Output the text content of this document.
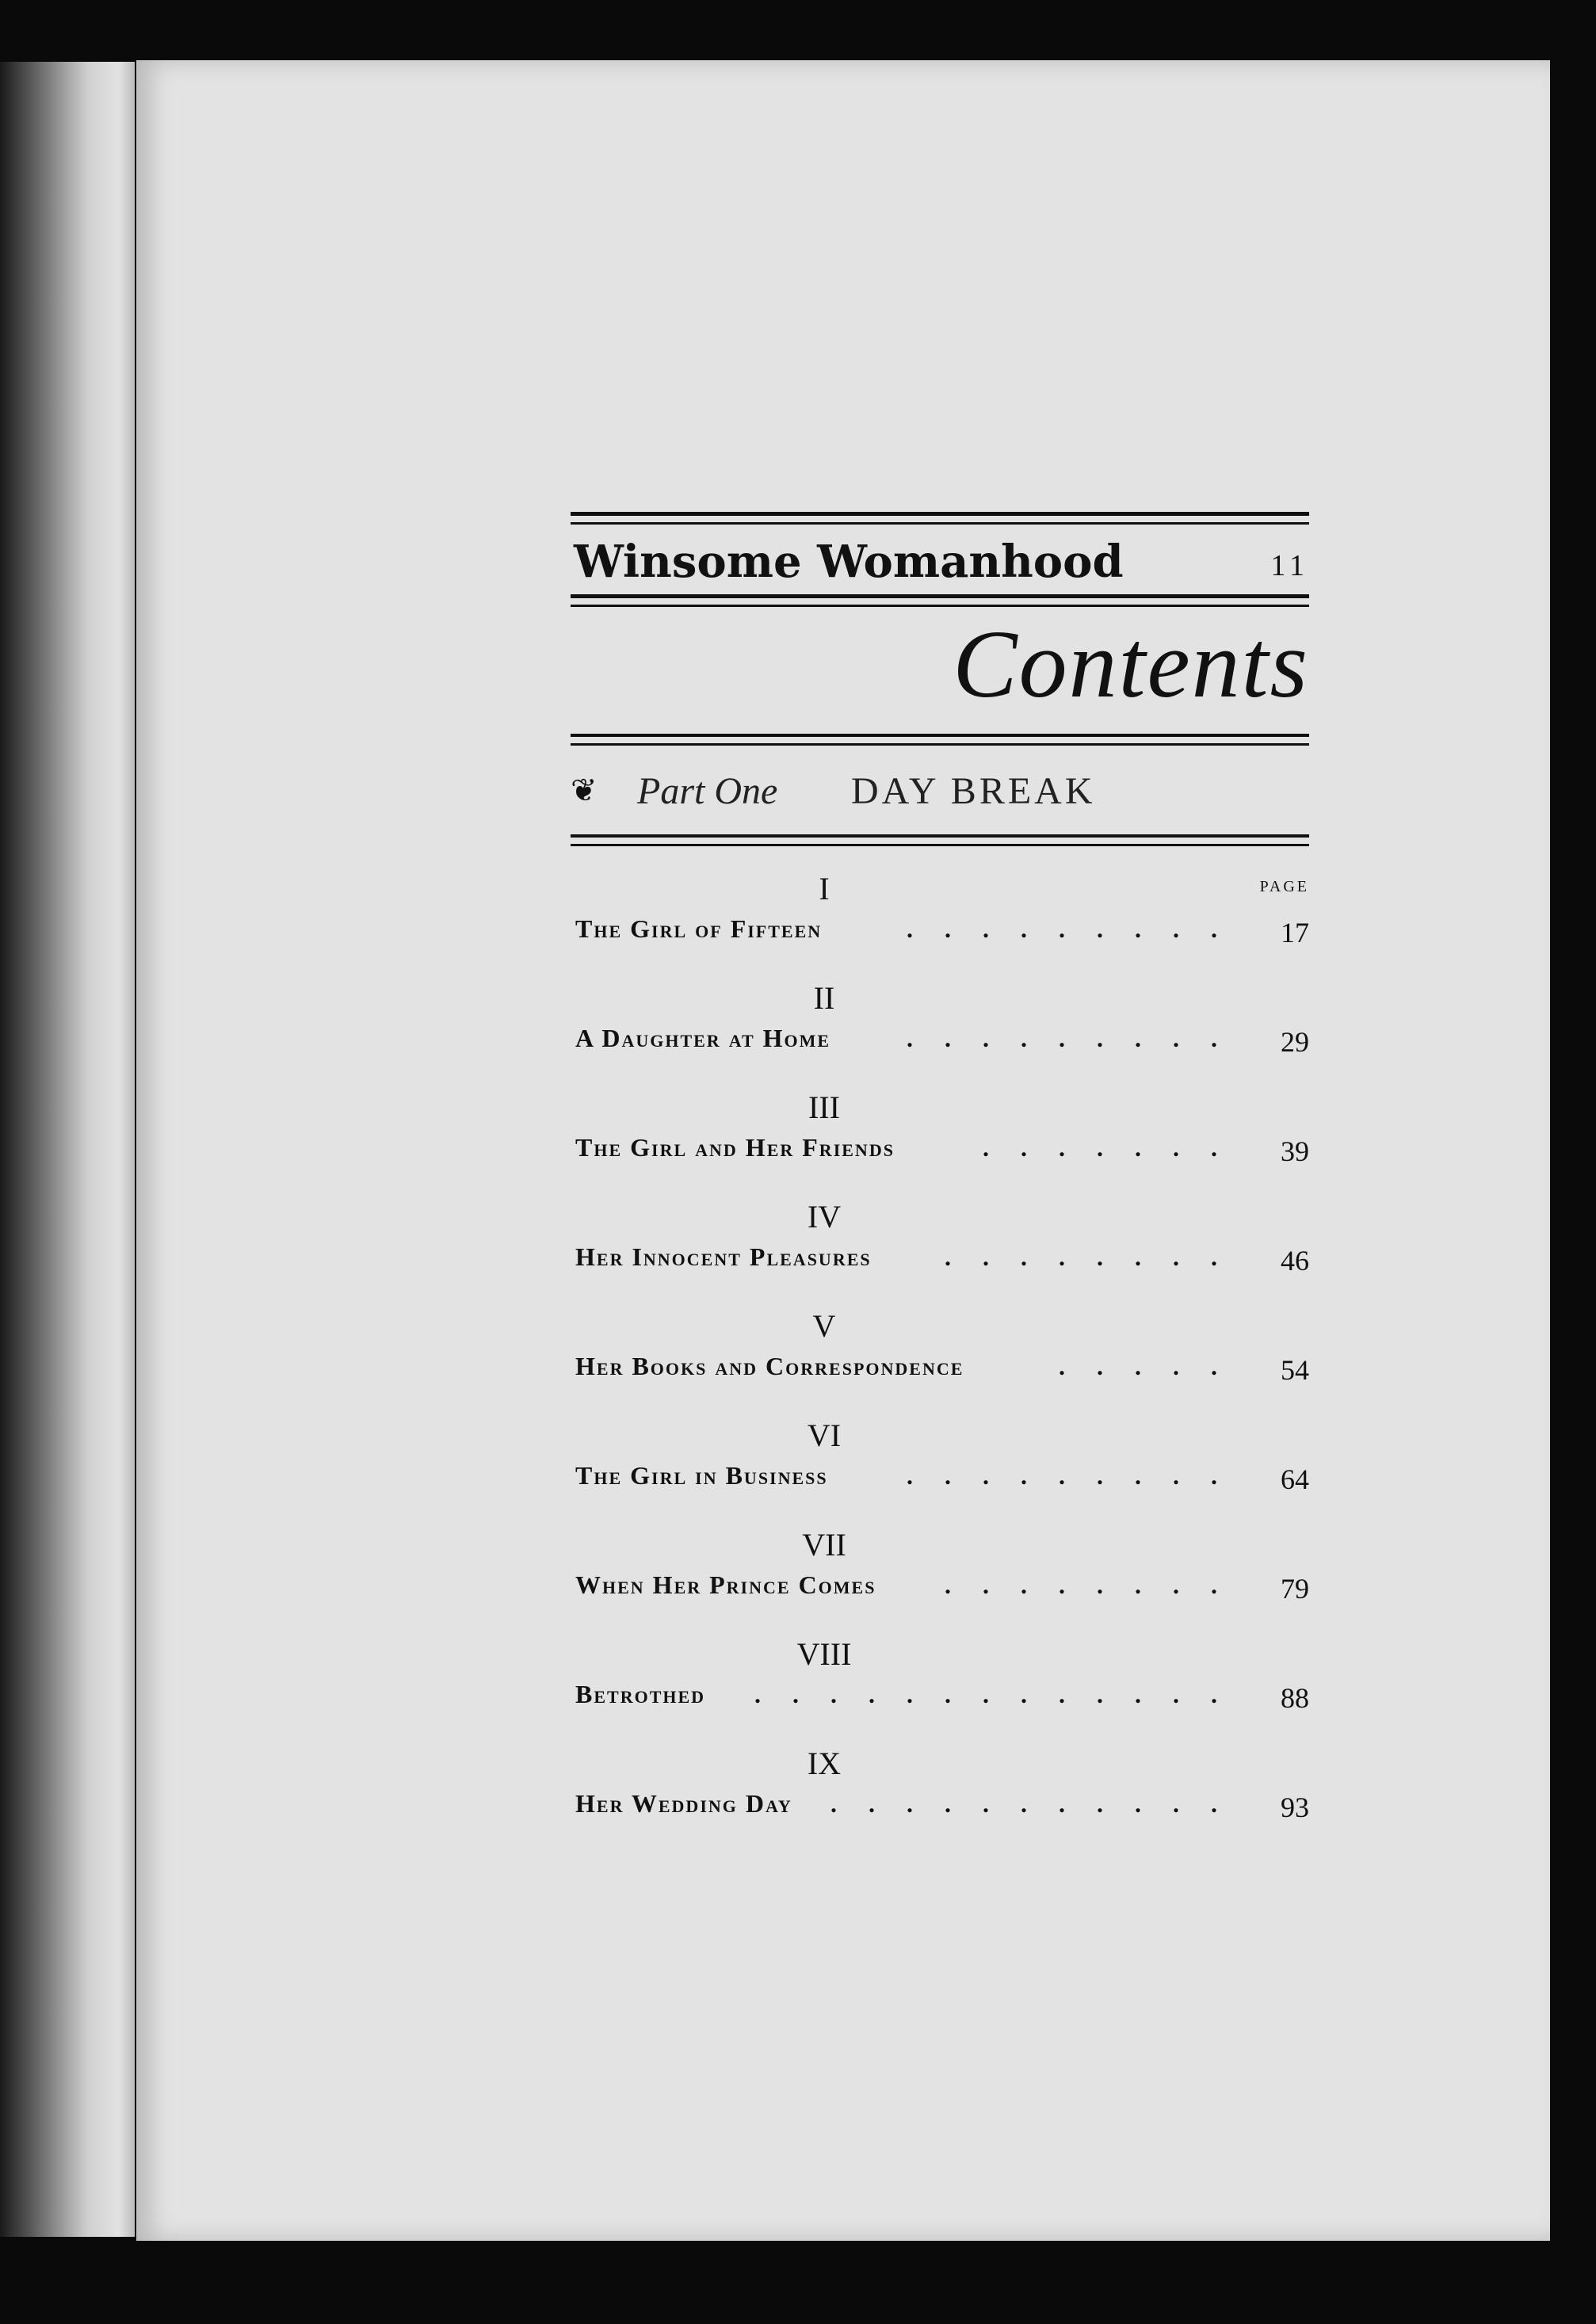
Winsome Womanhood	11
Contents
❦ Part One DAY BREAK
I	PAGE
The Girl of Fifteen	. . . . . . . . .	17
II
A Daughter at Home	. . . . . . . . .	29
III
The Girl and Her Friends	. . . . . . .	39
IV
Her Innocent Pleasures	. . . . . . . .	46
V
Her Books and Correspondence	. . . . .	54
VI
The Girl in Business	. . . . . . . . .	64
VII
When Her Prince Comes	. . . . . . . .	79
VIII
Betrothed . . . . . . . . . . . . .	88
IX
Her Wedding Day . . . . . . . . . . .	93
